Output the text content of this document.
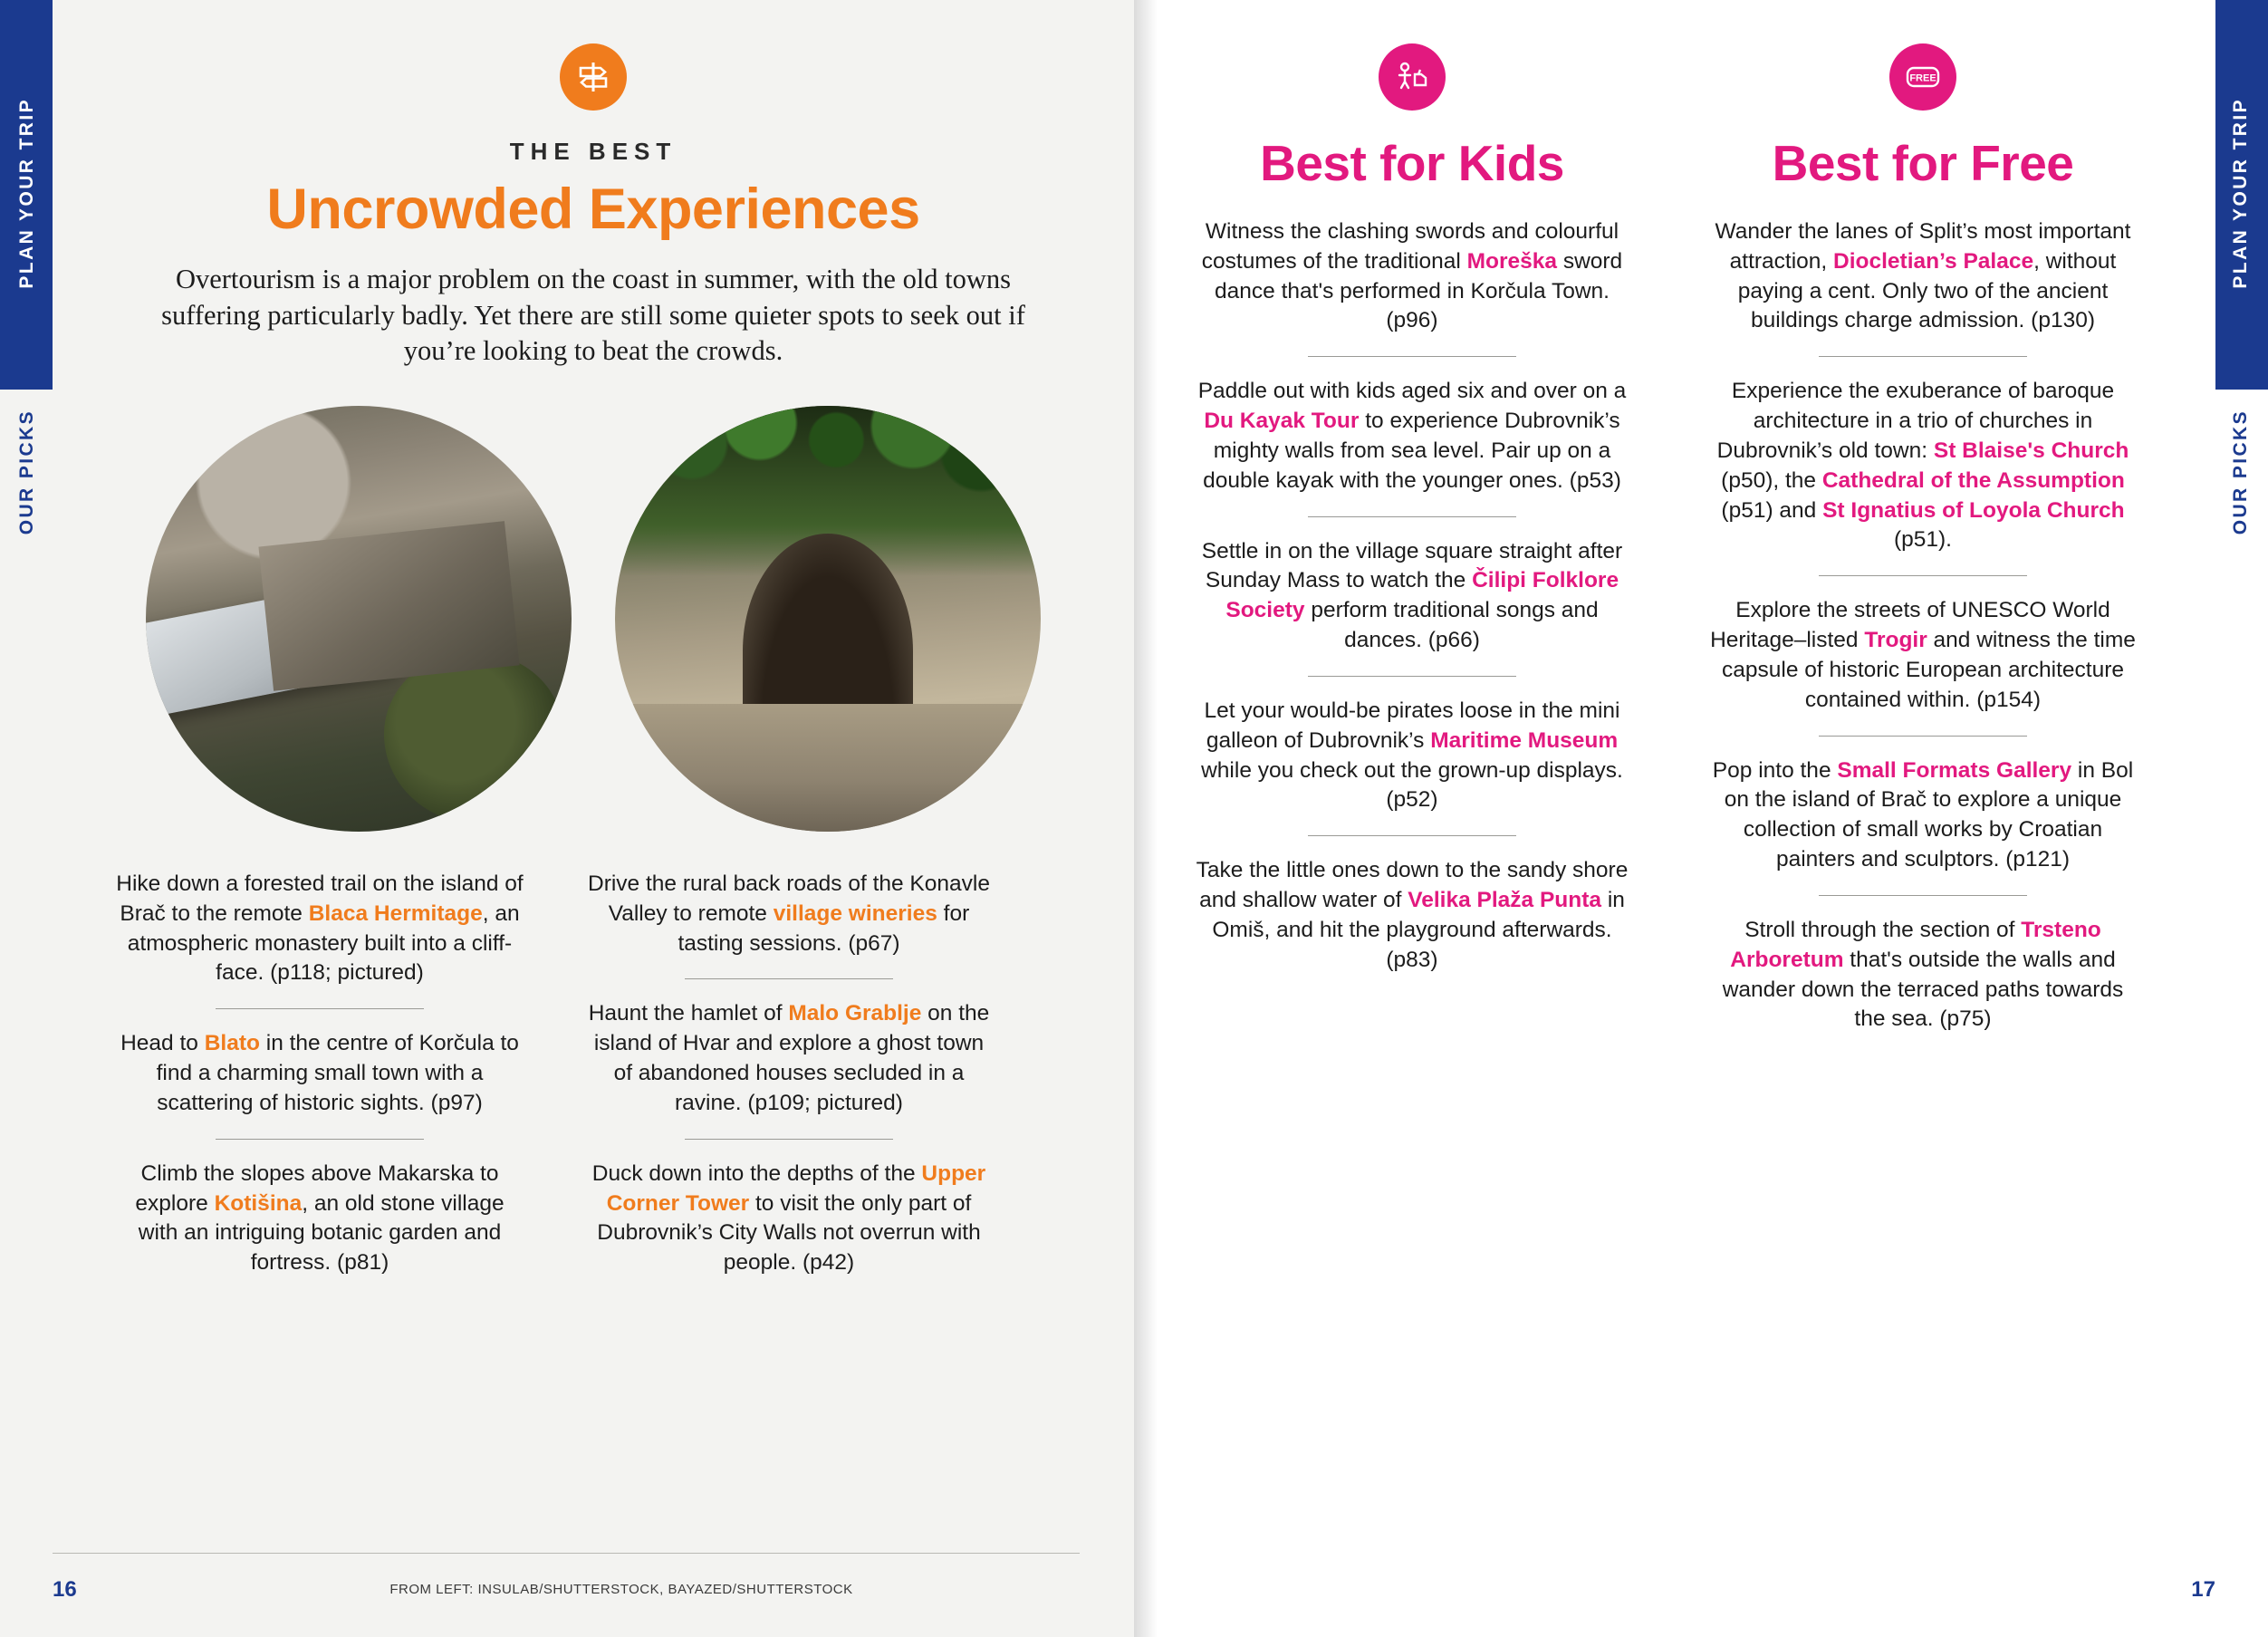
PLAN YOUR TRIP
OUR PICKS
THE BEST
Uncrowded Experiences

Overtourism is a major problem on the coast in summer, with the old towns suffering particularly badly. Yet there are still some quieter spots to seek out if you’re looking to beat the crowds.

Hike down a forested trail on the island of Brač to the remote Blaca Hermitage, an atmospheric monastery built into a cliff-face. (p118; pictured)

Head to Blato in the centre of Korčula to find a charming small town with a scattering of historic sights. (p97)

Climb the slopes above Makarska to explore Kotišina, an old stone village with an intriguing botanic garden and fortress. (p81)

Drive the rural back roads of the Konavle Valley to remote village wineries for tasting sessions. (p67)

Haunt the hamlet of Malo Grablje on the island of Hvar and explore a ghost town of abandoned houses secluded in a ravine. (p109; pictured)

Duck down into the depths of the Upper Corner Tower to visit the only part of Dubrovnik’s City Walls not overrun with people. (p42)

16	FROM LEFT: INSULAB/SHUTTERSTOCK, BAYAZED/SHUTTERSTOCK
PLAN YOUR TRIP
OUR PICKS
Best for Kids

Witness the clashing swords and colourful costumes of the traditional Moreška sword dance that's performed in Korčula Town. (p96)

Paddle out with kids aged six and over on a Du Kayak Tour to experience Dubrovnik’s mighty walls from sea level. Pair up on a double kayak with the younger ones. (p53)

Settle in on the village square straight after Sunday Mass to watch the Čilipi Folklore Society perform traditional songs and dances. (p66)

Let your would-be pirates loose in the mini galleon of Dubrovnik’s Maritime Museum while you check out the grown-up displays. (p52)

Take the little ones down to the sandy shore and shallow water of Velika Plaža Punta in Omiš, and hit the playground afterwards. (p83)

FREE
Best for Free

Wander the lanes of Split’s most important attraction, Diocletian’s Palace, without paying a cent. Only two of the ancient buildings charge admission. (p130)

Experience the exuberance of baroque architecture in a trio of churches in Dubrovnik’s old town: St Blaise's Church (p50), the Cathedral of the Assumption (p51) and St Ignatius of Loyola Church (p51).

Explore the streets of UNESCO World Heritage–listed Trogir and witness the time capsule of historic European architecture contained within. (p154)

Pop into the Small Formats Gallery in Bol on the island of Brač to explore a unique collection of small works by Croatian painters and sculptors. (p121)

Stroll through the section of Trsteno Arboretum that's outside the walls and wander down the terraced paths towards the sea. (p75)

17
